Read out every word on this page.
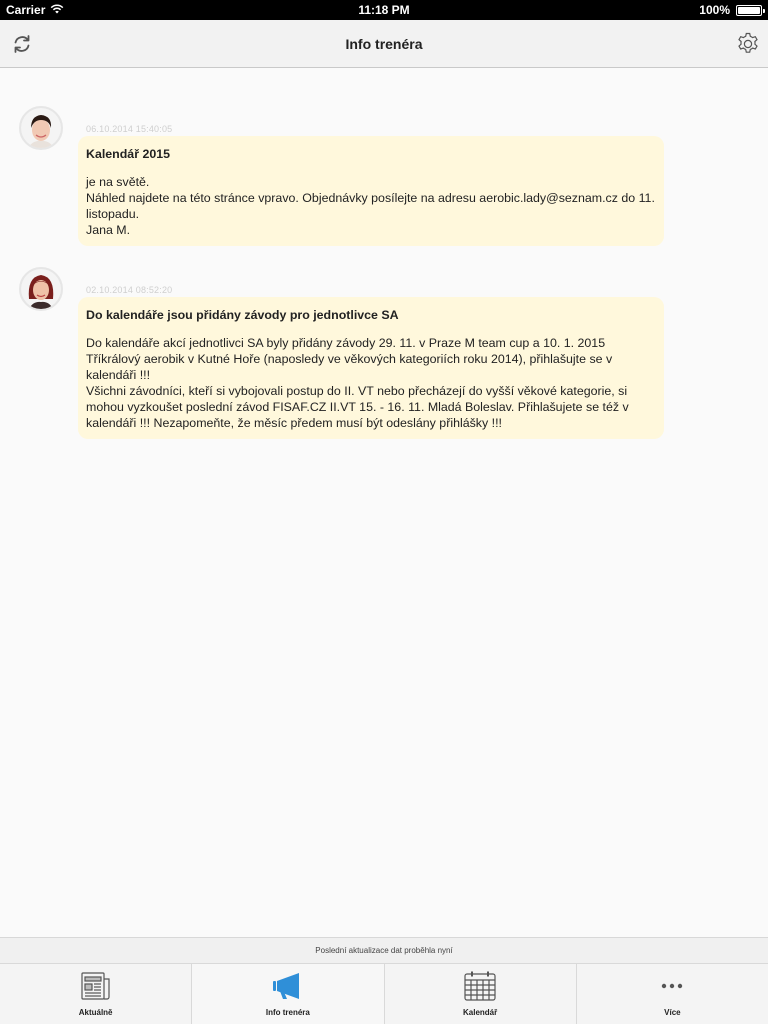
Carrier	11:18 PM	100%
Info trenéra
06.10.2014 15:40:05
Kalendář 2015
je na světě.
Náhled najdete na této stránce vpravo. Objednávky posílejte na adresu aerobic.lady@seznam.cz do 11. listopadu.
Jana M.
02.10.2014 08:52:20
Do kalendáře jsou přidány závody pro jednotlivce SA
Do kalendáře akcí jednotlivci SA byly přidány závody 29. 11. v Praze M team cup a 10. 1. 2015 Tříkrálový aerobik v Kutné Hoře (naposledy ve věkových kategoriích roku 2014), přihlašujte se v kalendáři !!!
Všichni závodníci, kteří si vybojovali postup do II. VT nebo přecházejí do vyšší věkové kategorie, si mohou vyzkoušet poslední závod FISAF.CZ II.VT 15. - 16. 11. Mladá Boleslav. Přihlašujete se též v kalendáři !!! Nezapomeňte, že měsíc předem musí být odeslány přihlášky !!!
Poslední aktualizace dat proběhla nyní
Aktuálně	Info trenéra	Kalendář	Více
